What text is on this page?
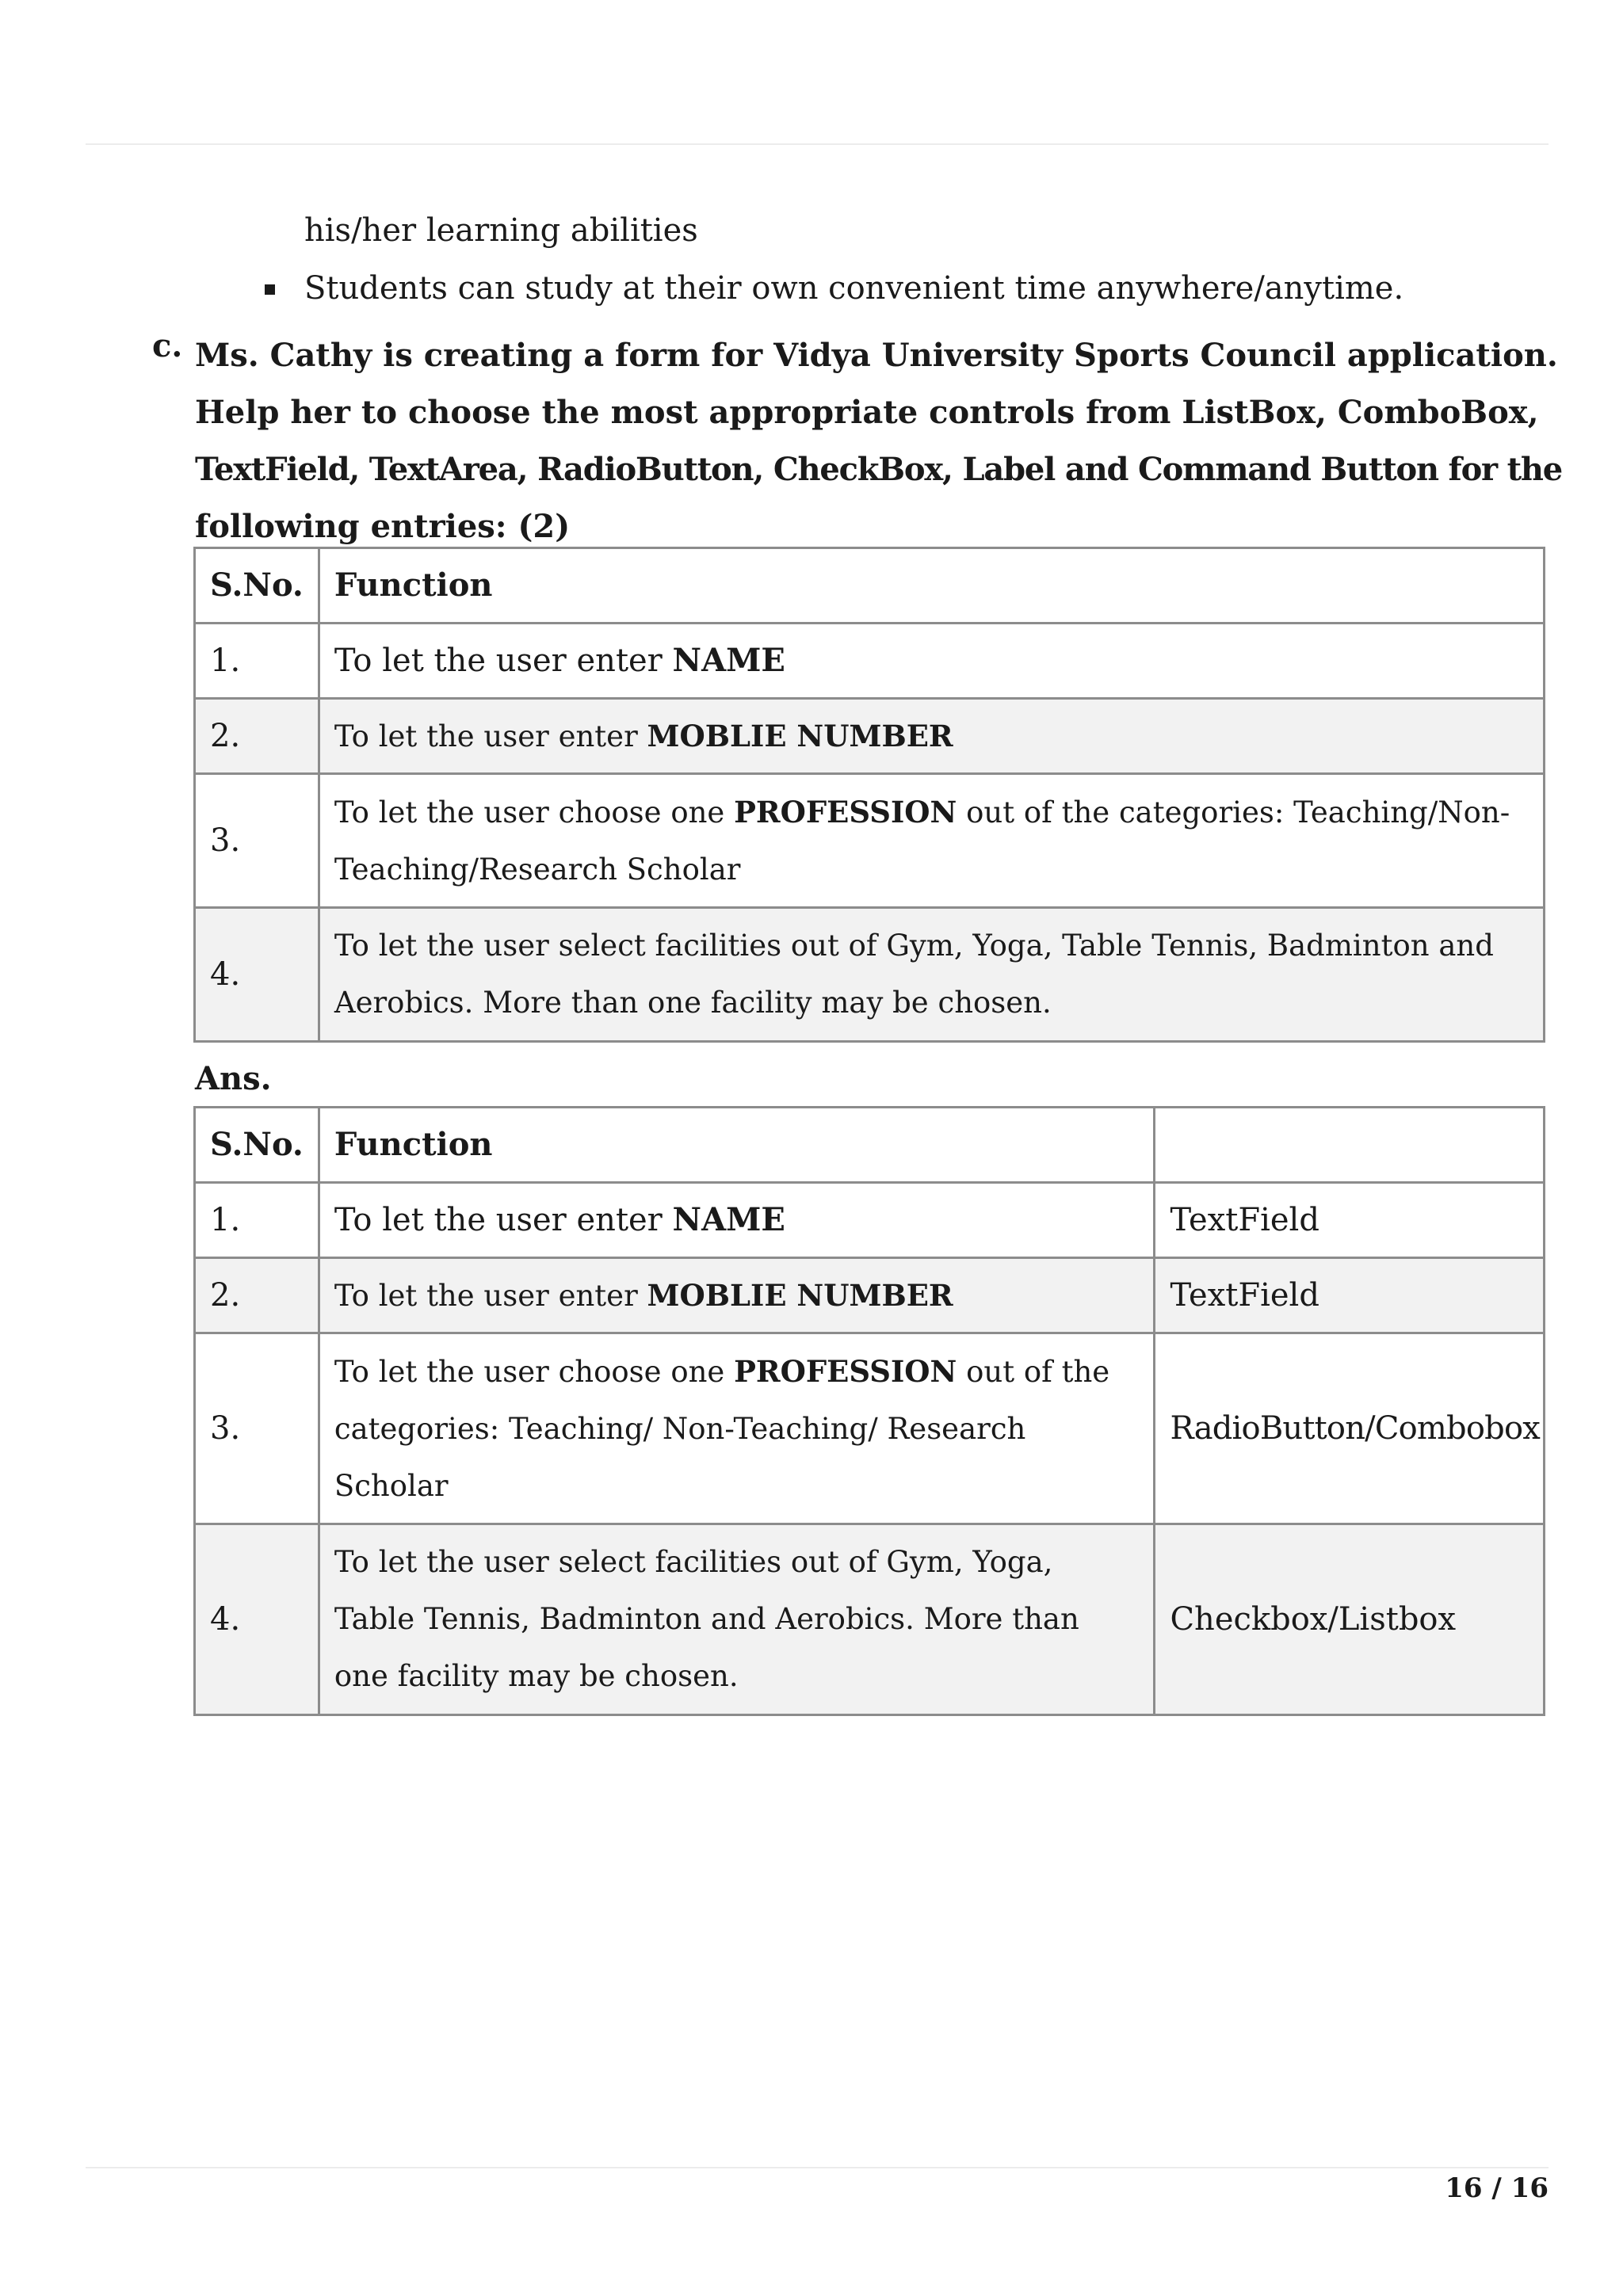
his/her learning abilities
Students can study at their own convenient time anywhere/anytime.
c. Ms. Cathy is creating a form for Vidya University Sports Council application.
Help her to choose the most appropriate controls from ListBox, ComboBox,
TextField, TextArea, RadioButton, CheckBox, Label and Command Button for the
following entries: (2)
S.No.	Function
1.	To let the user enter NAME
2.	To let the user enter MOBLIE NUMBER
3.	To let the user choose one PROFESSION out of the categories: Teaching/Non-Teaching/Research Scholar
4.	To let the user select facilities out of Gym, Yoga, Table Tennis, Badminton and Aerobics. More than one facility may be chosen.
Ans.
S.No.	Function	
1.	To let the user enter NAME	TextField
2.	To let the user enter MOBLIE NUMBER	TextField
3.	To let the user choose one PROFESSION out of the categories: Teaching/ Non-Teaching/ Research Scholar	RadioButton/Combobox
4.	To let the user select facilities out of Gym, Yoga, Table Tennis, Badminton and Aerobics. More than one facility may be chosen.	Checkbox/Listbox
16 / 16
